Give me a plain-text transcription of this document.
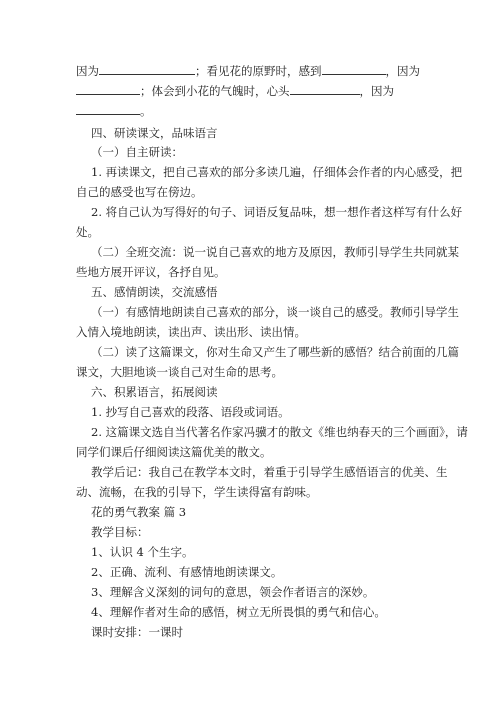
因为	；看见花的原野时，感到	，因为
；体会到小花的气魄时，心头	，因为
。
四、研读课文，品味语言
（一）自主研读：
1. 再读课文，把自己喜欢的部分多读几遍，仔细体会作者的内心感受，把
自己的感受也写在傍边。
2. 将自己认为写得好的句子、词语反复品味，想一想作者这样写有什么好
处。
（二）全班交流：说一说自己喜欢的地方及原因，教师引导学生共同就某
些地方展开评议，各抒自见。
五、感情朗读，交流感悟
（一）有感情地朗读自己喜欢的部分，谈一谈自己的感受。教师引导学生
入情入境地朗读，读出声、读出形、读出情。
（二）读了这篇课文，你对生命又产生了哪些新的感悟？结合前面的几篇
课文，大胆地谈一谈自己对生命的思考。
六、积累语言，拓展阅读
1. 抄写自己喜欢的段落、语段或词语。
2. 这篇课文选自当代著名作家冯骥才的散文《维也纳春天的三个画面》，请
同学们课后仔细阅读这篇优美的散文。
教学后记：我自己在教学本文时，着重于引导学生感悟语言的优美、生
动、流畅，在我的引导下，学生读得富有韵味。
花的勇气教案 篇 3
教学目标：
1、认识 4 个生字。
2、正确、流利、有感情地朗读课文。
3、理解含义深刻的词句的意思，领会作者语言的深妙。
4、理解作者对生命的感悟，树立无所畏惧的勇气和信心。
课时安排：一课时
